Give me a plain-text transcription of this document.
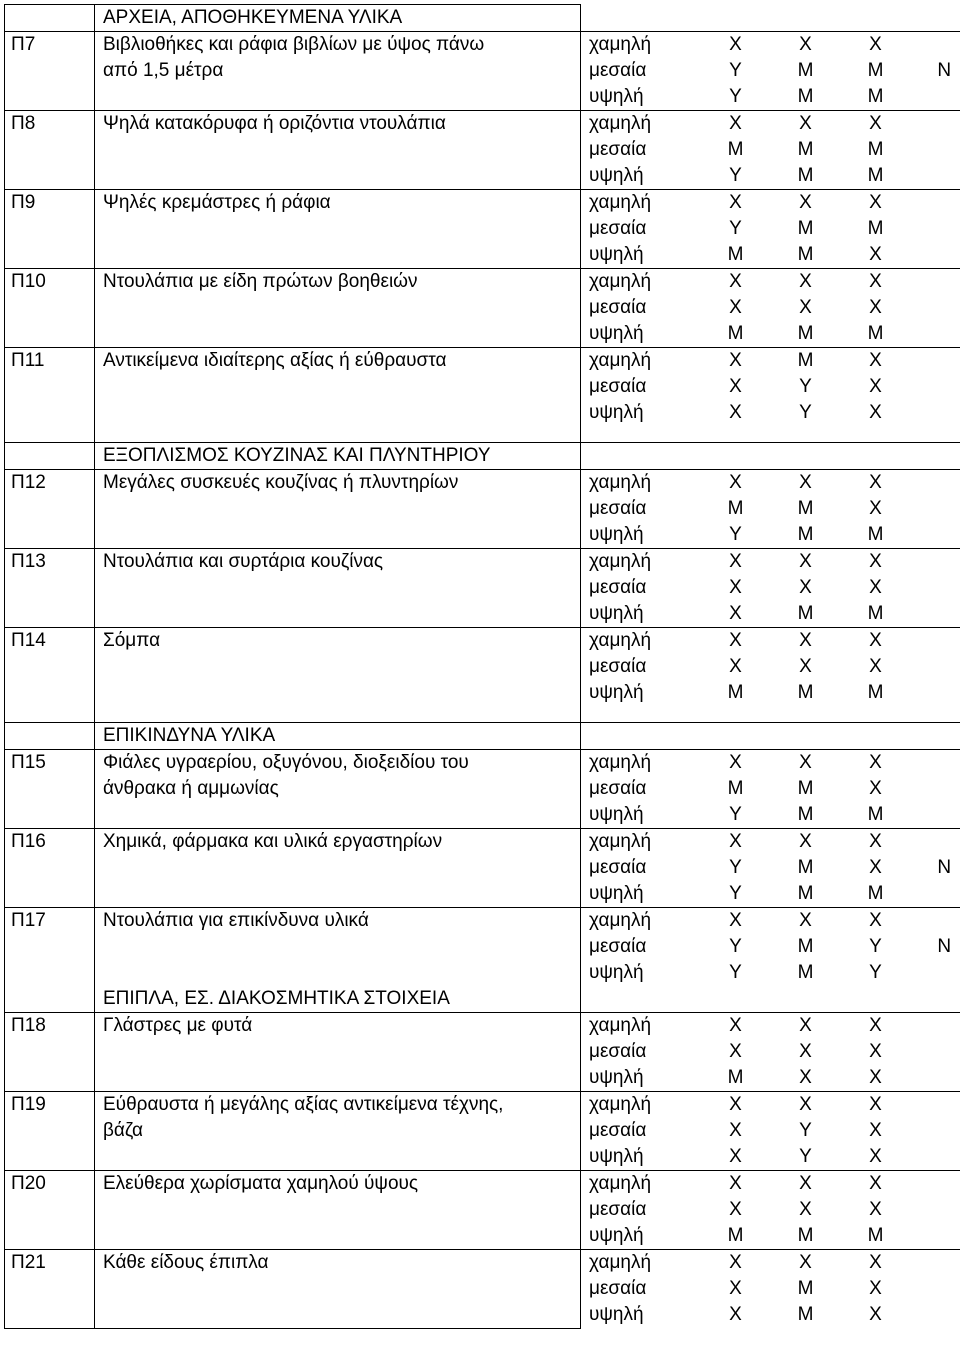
	ΑΡΧΕΙΑ, ΑΠΟΘΗΚΕΥΜΕΝΑ ΥΛΙΚΑ					
Π7	Βιβλιοθήκες και ράφια βιβλίων με ύψος πάνω	χαμηλή	Χ	Χ	Χ	
	από 1,5 μέτρα	μεσαία	Υ	Μ	Μ	Ν
		υψηλή	Υ	Μ	Μ	
Π8	Ψηλά κατακόρυφα ή οριζόντια ντουλάπια	χαμηλή	Χ	Χ	Χ	
		μεσαία	Μ	Μ	Μ	
		υψηλή	Υ	Μ	Μ	
Π9	Ψηλές κρεμάστρες ή ράφια	χαμηλή	Χ	Χ	Χ	
		μεσαία	Υ	Μ	Μ	
		υψηλή	Μ	Μ	Χ	
Π10	Ντουλάπια με είδη πρώτων βοηθειών	χαμηλή	Χ	Χ	Χ	
		μεσαία	Χ	Χ	Χ	
		υψηλή	Μ	Μ	Μ	
Π11	Αντικείμενα ιδιαίτερης αξίας ή εύθραυστα	χαμηλή	Χ	Μ	Χ	
		μεσαία	Χ	Υ	Χ	
		υψηλή	Χ	Υ	Χ	

	ΕΞΟΠΛΙΣΜΟΣ ΚΟΥΖΙΝΑΣ ΚΑΙ ΠΛΥΝΤΗΡΙΟΥ					
Π12	Μεγάλες συσκευές κουζίνας ή πλυντηρίων	χαμηλή	Χ	Χ	Χ	
		μεσαία	Μ	Μ	Χ	
		υψηλή	Υ	Μ	Μ	
Π13	Ντουλάπια και συρτάρια κουζίνας	χαμηλή	Χ	Χ	Χ	
		μεσαία	Χ	Χ	Χ	
		υψηλή	Χ	Μ	Μ	
Π14	Σόμπα	χαμηλή	Χ	Χ	Χ	
		μεσαία	Χ	Χ	Χ	
		υψηλή	Μ	Μ	Μ	

	ΕΠΙΚΙΝΔΥΝΑ ΥΛΙΚΑ					
Π15	Φιάλες υγραερίου, οξυγόνου, διοξειδίου του	χαμηλή	Χ	Χ	Χ	
	άνθρακα ή αμμωνίας	μεσαία	Μ	Μ	Χ	
		υψηλή	Υ	Μ	Μ	
Π16	Χημικά, φάρμακα και υλικά εργαστηρίων	χαμηλή	Χ	Χ	Χ	
		μεσαία	Υ	Μ	Χ	Ν
		υψηλή	Υ	Μ	Μ	
Π17	Ντουλάπια για επικίνδυνα υλικά	χαμηλή	Χ	Χ	Χ	
		μεσαία	Υ	Μ	Υ	Ν
		υψηλή	Υ	Μ	Υ	
	ΕΠΙΠΛΑ, ΕΣ. ΔΙΑΚΟΣΜΗΤΙΚΑ ΣΤΟΙΧΕΙΑ					
Π18	Γλάστρες με φυτά	χαμηλή	Χ	Χ	Χ	
		μεσαία	Χ	Χ	Χ	
		υψηλή	Μ	Χ	Χ	
Π19	Εύθραυστα ή μεγάλης αξίας αντικείμενα τέχνης,	χαμηλή	Χ	Χ	Χ	
	βάζα	μεσαία	Χ	Υ	Χ	
		υψηλή	Χ	Υ	Χ	
Π20	Ελεύθερα χωρίσματα χαμηλού ύψους	χαμηλή	Χ	Χ	Χ	
		μεσαία	Χ	Χ	Χ	
		υψηλή	Μ	Μ	Μ	
Π21	Κάθε είδους έπιπλα	χαμηλή	Χ	Χ	Χ	
		μεσαία	Χ	Μ	Χ	
		υψηλή	Χ	Μ	Χ	
